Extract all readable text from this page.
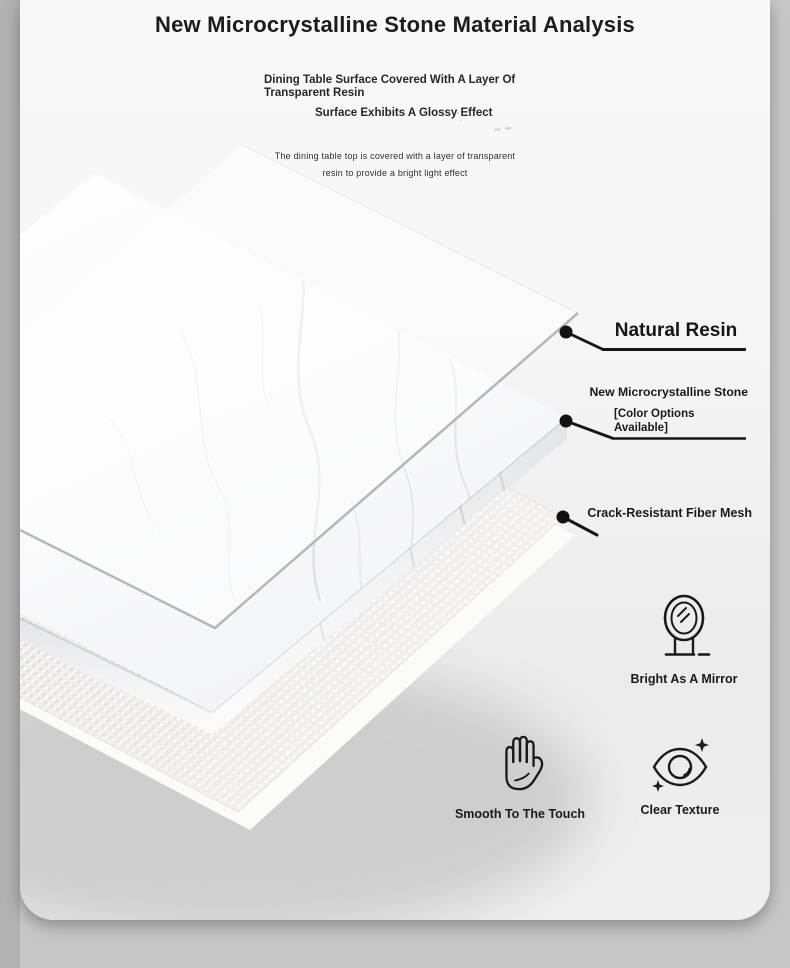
New Microcrystalline Stone Material Analysis
Dining Table Surface Covered With A Layer Of Transparent Resin
Surface Exhibits A Glossy Effect
The dining table top is covered with a layer of transparent
resin to provide a bright light effect
Natural Resin
New Microcrystalline Stone
[Color Options Available]
Crack-Resistant Fiber Mesh
Bright As A Mirror
Smooth To The Touch	Clear Texture
